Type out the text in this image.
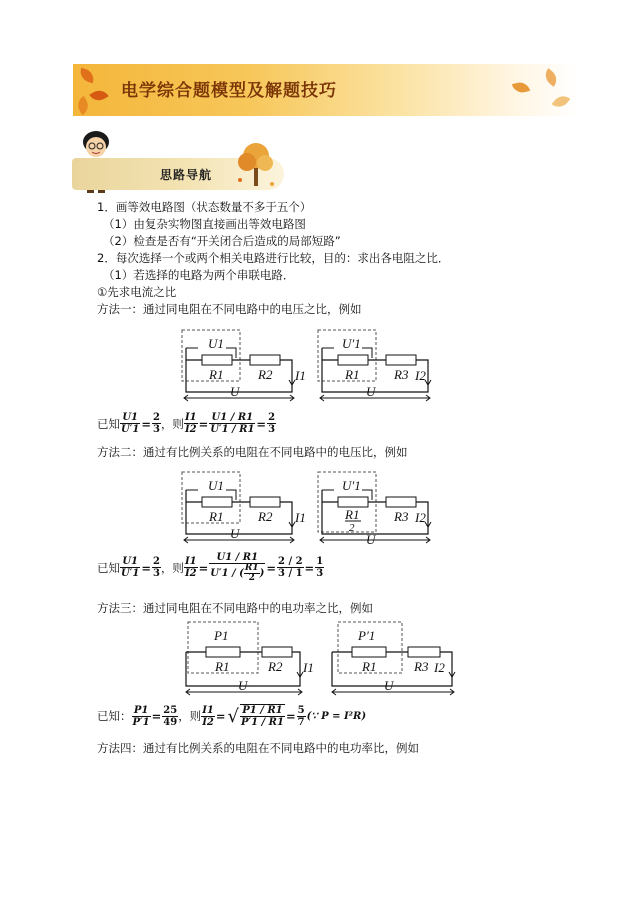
电学综合题模型及解题技巧
思路导航
1．画等效电路图（状态数量不多于五个）
（1）由复杂实物图直接画出等效电路图
（2）检查是否有“开关闭合后造成的局部短路”
2．每次选择一个或两个相关电路进行比较，目的：求出各电阻之比．
（1）若选择的电路为两个串联电路．
①先求电流之比
方法一：通过同电阻在不同电路中的电压之比，例如
U1
R1	R2 I1
U
U′1
R1	R3 I2
U
已知 $\frac{U1}{U'1} = \frac{2}{3}$ ，则 $\frac{I1}{I2} = \frac{U1 / R1}{U'1 / R1} = \frac{2}{3}$
方法二：通过有比例关系的电阻在不同电路中的电压比，例如
U1
R1	R2 I1
U
U′1
R1
2
R3 I2
U
已知 $\frac{U1}{U'1} = \frac{2}{3}$ ，则 $\frac{I1}{I2} = \frac{U1 / R1}{U'1 / ( \frac{R1}{2} )} = \frac{2 / 2}{3 / 1} = \frac{1}{3}$
方法三：通过同电阻在不同电路中的电功率之比，例如
P1
R1	R2 I1
U
P′1
R1	R3 I2
U
已知： $\frac{P1}{P'1} = \frac{25}{49}$ ，则 $\frac{I1}{I2}$ = √ $\frac{P1 / R1}{P'1 / R1} = \frac{5}{7}$ (∵ P = I²R)
方法四：通过有比例关系的电阻在不同电路中的电功率比，例如
